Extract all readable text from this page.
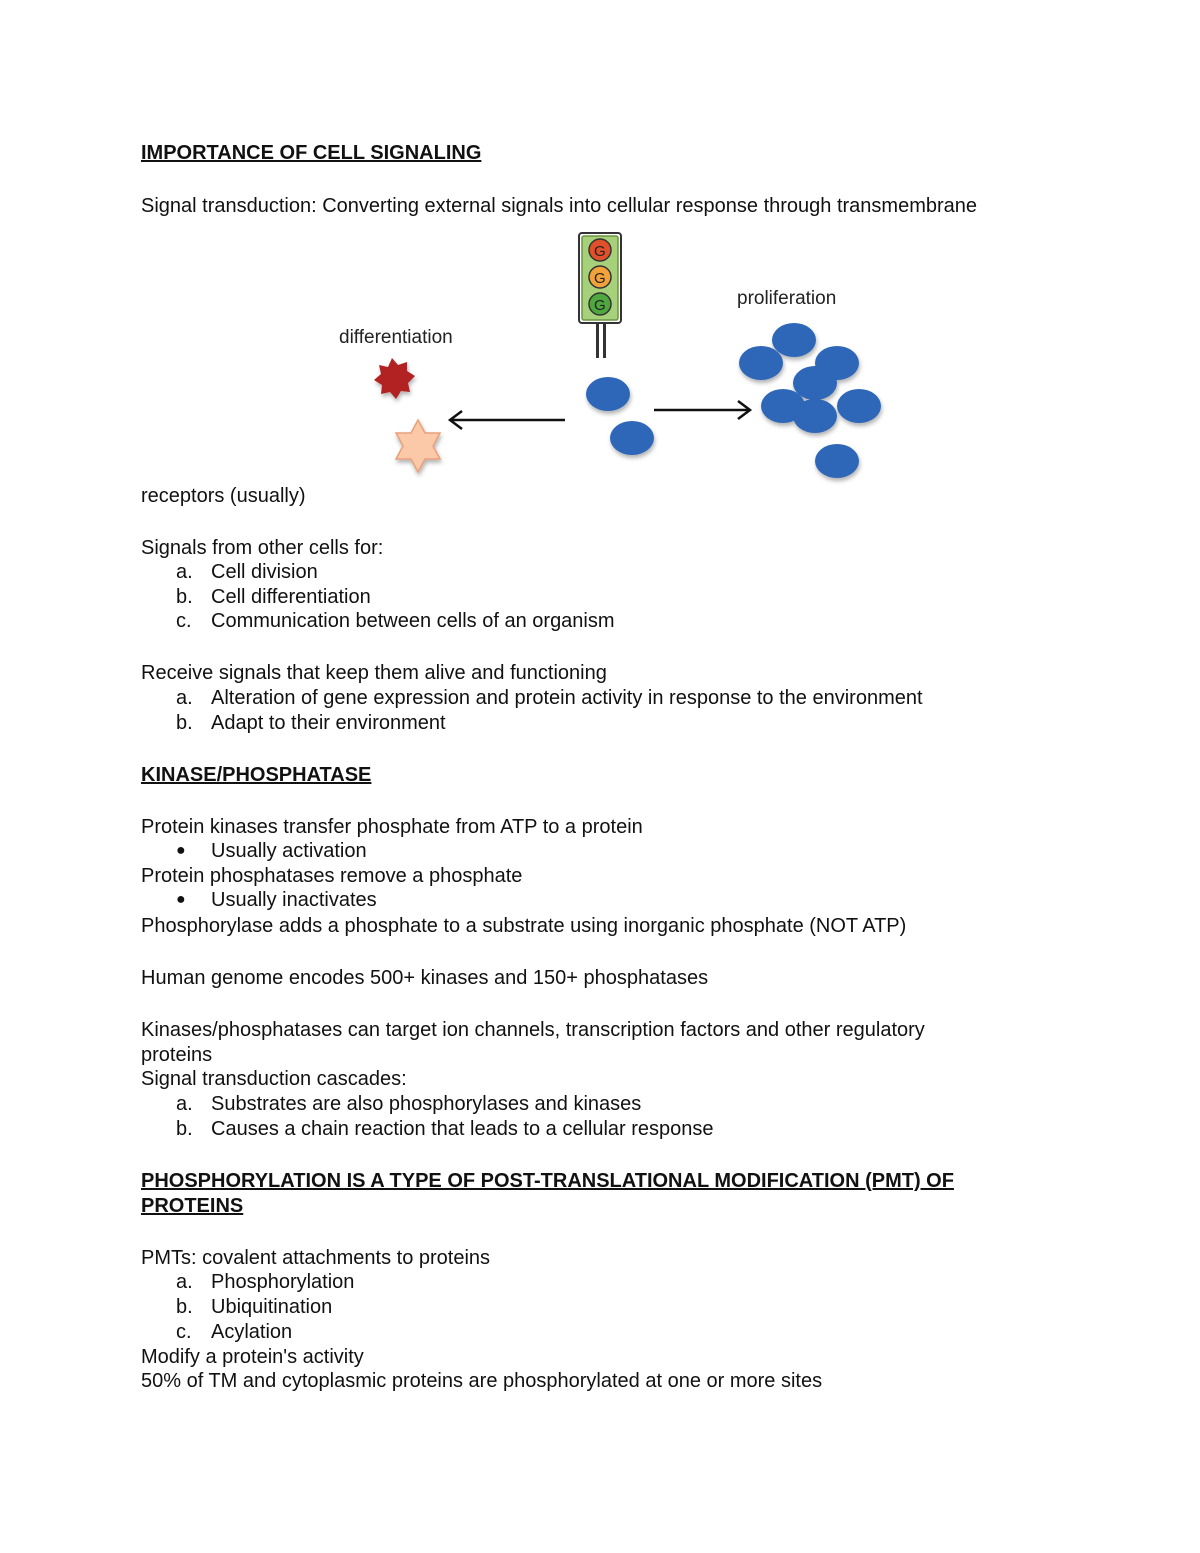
IMPORTANCE OF CELL SIGNALING
Signal transduction: Converting external signals into cellular response through transmembrane
differentiation
proliferation
G
G
G
receptors (usually)
Signals from other cells for:
a. Cell division
b. Cell differentiation
c. Communication between cells of an organism
Receive signals that keep them alive and functioning
a. Alteration of gene expression and protein activity in response to the environment
b. Adapt to their environment
KINASE/PHOSPHATASE
Protein kinases transfer phosphate from ATP to a protein
● Usually activation
Protein phosphatases remove a phosphate
● Usually inactivates
Phosphorylase adds a phosphate to a substrate using inorganic phosphate (NOT ATP)
Human genome encodes 500+ kinases and 150+ phosphatases
Kinases/phosphatases can target ion channels, transcription factors and other regulatory
proteins
Signal transduction cascades:
a. Substrates are also phosphorylases and kinases
b. Causes a chain reaction that leads to a cellular response
PHOSPHORYLATION IS A TYPE OF POST-TRANSLATIONAL MODIFICATION (PMT) OF
PROTEINS
PMTs: covalent attachments to proteins
a. Phosphorylation
b. Ubiquitination
c. Acylation
Modify a protein's activity
50% of TM and cytoplasmic proteins are phosphorylated at one or more sites
